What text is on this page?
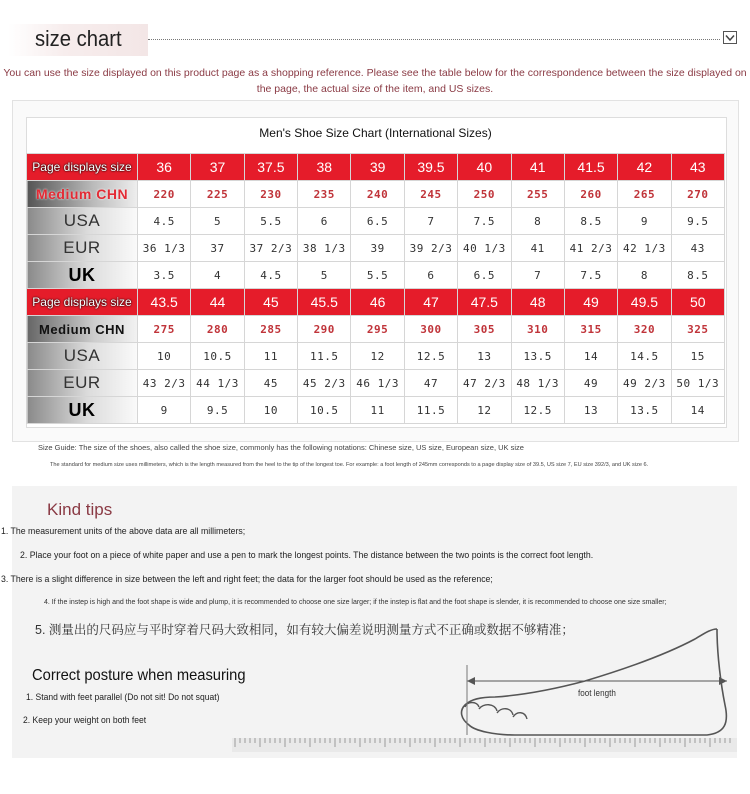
size chart
You can use the size displayed on this product page as a shopping reference. Please see the table below for the correspondence between the size displayed on the page, the actual size of the item, and US sizes.
Men's Shoe Size Chart (International Sizes)
Page displays size	36	37	37.5	38	39	39.5	40	41	41.5	42	43
Medium CHN	220	225	230	235	240	245	250	255	260	265	270
USA	4.5	5	5.5	6	6.5	7	7.5	8	8.5	9	9.5
EUR	36 1/3	37	37 2/3	38 1/3	39	39 2/3	40 1/3	41	41 2/3	42 1/3	43
UK	3.5	4	4.5	5	5.5	6	6.5	7	7.5	8	8.5
Page displays size	43.5	44	45	45.5	46	47	47.5	48	49	49.5	50
Medium CHN	275	280	285	290	295	300	305	310	315	320	325
USA	10	10.5	11	11.5	12	12.5	13	13.5	14	14.5	15
EUR	43 2/3	44 1/3	45	45 2/3	46 1/3	47	47 2/3	48 1/3	49	49 2/3	50 1/3
UK	9	9.5	10	10.5	11	11.5	12	12.5	13	13.5	14
Size Guide: The size of the shoes, also called the shoe size, commonly has the following notations: Chinese size, US size, European size, UK size
The standard for medium size uses millimeters, which is the length measured from the heel to the tip of the longest toe. For example: a foot length of 245mm corresponds to a page display size of 39.5, US size 7, EU size 392/3, and UK size 6.
Kind tips
1. The measurement units of the above data are all millimeters;
2. Place your foot on a piece of white paper and use a pen to mark the longest points. The distance between the two points is the correct foot length.
3. There is a slight difference in size between the left and right feet; the data for the larger foot should be used as the reference;
4. If the instep is high and the foot shape is wide and plump, it is recommended to choose one size larger; if the instep is flat and the foot shape is slender, it is recommended to choose one size smaller;
5. 测量出的尺码应与平时穿着尺码大致相同，如有较大偏差说明测量方式不正确或数据不够精准；
Correct posture when measuring
1. Stand with feet parallel (Do not sit! Do not squat)
2. Keep your weight on both feet
foot length
